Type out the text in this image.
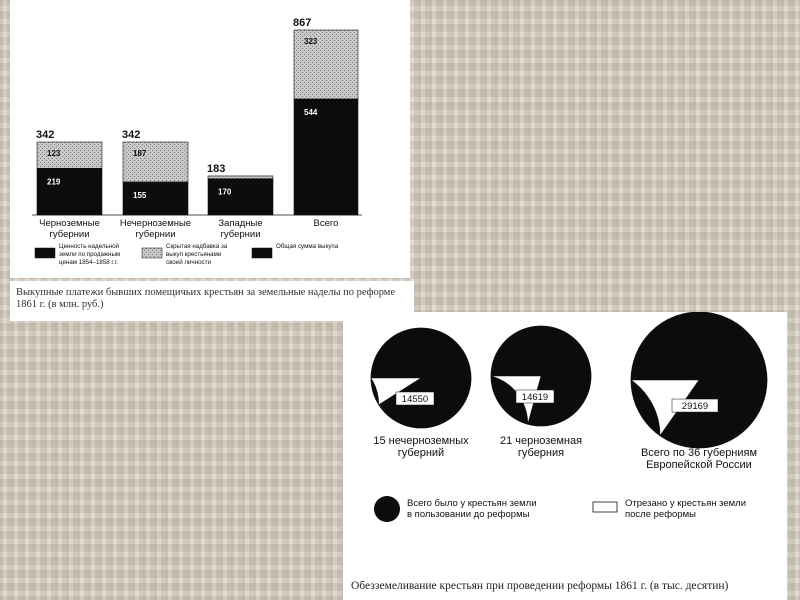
219
123
342
Черноземные
губернии
155
187
342
Нечерноземные
губернии
170
13
183
Западные
губернии
544
323
867
Всего
Ценность надельной
земли по продажным
ценам 1854–1858 г.г.
Скрытая надбавка за
выкуп крестьянами
своей личности
Общая сумма выкупа
Выкупные платежи бывших помещичьих крестьян за земельные наделы по реформе
1861 г. (в млн. руб.)
1437
(9,9%)
14550
15 нечерноземных
губерний
3825
(26,2%)
14619
21 черноземная
губерния
5262
(18,0%)
29169
Всего по 36 губерниям
Европейской России
Всего было у крестьян земли
в пользовании до реформы
Отрезано у крестьян земли
после реформы
Обезземеливание крестьян при проведении реформы 1861 г. (в тыс. десятин)
